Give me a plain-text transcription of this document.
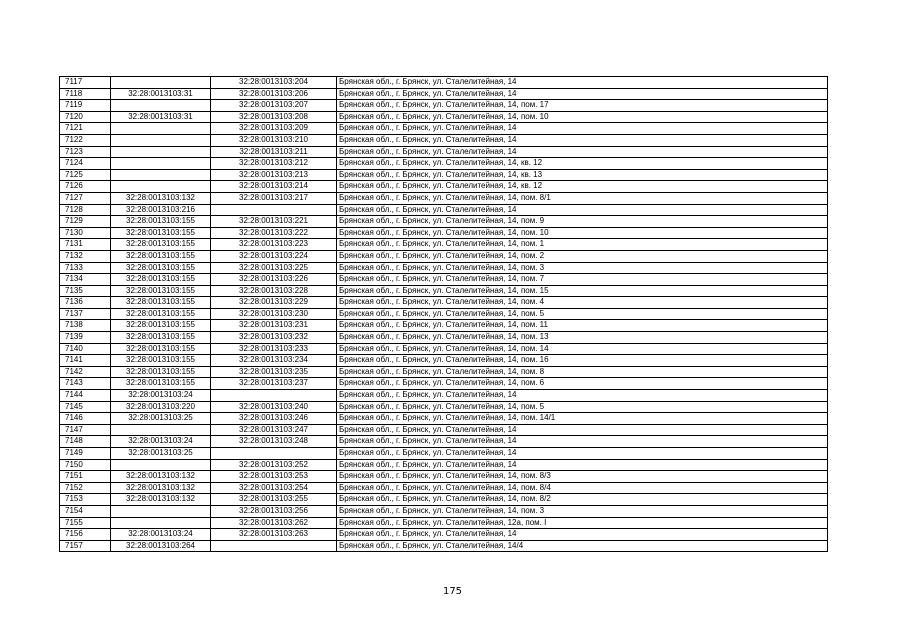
7117		32:28:0013103:204	Брянская обл., г. Брянск, ул. Сталелитейная, 14
7118	32:28:0013103:31	32:28:0013103:206	Брянская обл., г. Брянск, ул. Сталелитейная, 14
7119		32:28:0013103:207	Брянская обл., г. Брянск, ул. Сталелитейная, 14, пом. 17
7120	32:28:0013103:31	32:28:0013103:208	Брянская обл., г. Брянск, ул. Сталелитейная, 14, пом. 10
7121		32:28:0013103:209	Брянская обл., г. Брянск, ул. Сталелитейная, 14
7122		32:28:0013103:210	Брянская обл., г. Брянск, ул. Сталелитейная, 14
7123		32:28:0013103:211	Брянская обл., г. Брянск, ул. Сталелитейная, 14
7124		32:28:0013103:212	Брянская обл., г. Брянск, ул. Сталелитейная, 14, кв. 12
7125		32:28:0013103:213	Брянская обл., г. Брянск, ул. Сталелитейная, 14, кв. 13
7126		32:28:0013103:214	Брянская обл., г. Брянск, ул. Сталелитейная, 14, кв. 12
7127	32:28:0013103:132	32:28:0013103:217	Брянская обл., г. Брянск, ул. Сталелитейная, 14, пом. 8/1
7128	32:28:0013103:216		Брянская обл., г. Брянск, ул. Сталелитейная, 14
7129	32:28:0013103:155	32:28:0013103:221	Брянская обл., г. Брянск, ул. Сталелитейная, 14, пом. 9
7130	32:28:0013103:155	32:28:0013103:222	Брянская обл., г. Брянск, ул. Сталелитейная, 14, пом. 10
7131	32:28:0013103:155	32:28:0013103:223	Брянская обл., г. Брянск, ул. Сталелитейная, 14, пом. 1
7132	32:28:0013103:155	32:28:0013103:224	Брянская обл., г. Брянск, ул. Сталелитейная, 14, пом. 2
7133	32:28:0013103:155	32:28:0013103:225	Брянская обл., г. Брянск, ул. Сталелитейная, 14, пом. 3
7134	32:28:0013103:155	32:28:0013103:226	Брянская обл., г. Брянск, ул. Сталелитейная, 14, пом. 7
7135	32:28:0013103:155	32:28:0013103:228	Брянская обл., г. Брянск, ул. Сталелитейная, 14, пом. 15
7136	32:28:0013103:155	32:28:0013103:229	Брянская обл., г. Брянск, ул. Сталелитейная, 14, пом. 4
7137	32:28:0013103:155	32:28:0013103:230	Брянская обл., г. Брянск, ул. Сталелитейная, 14, пом. 5
7138	32:28:0013103:155	32:28:0013103:231	Брянская обл., г. Брянск, ул. Сталелитейная, 14, пом. 11
7139	32:28:0013103:155	32:28:0013103:232	Брянская обл., г. Брянск, ул. Сталелитейная, 14, пом. 13
7140	32:28:0013103:155	32:28:0013103:233	Брянская обл., г. Брянск, ул. Сталелитейная, 14, пом. 14
7141	32:28:0013103:155	32:28:0013103:234	Брянская обл., г. Брянск, ул. Сталелитейная, 14, пом. 16
7142	32:28:0013103:155	32:28:0013103:235	Брянская обл., г. Брянск, ул. Сталелитейная, 14, пом. 8
7143	32:28:0013103:155	32:28:0013103:237	Брянская обл., г. Брянск, ул. Сталелитейная, 14, пом. 6
7144	32:28:0013103:24		Брянская обл., г. Брянск, ул. Сталелитейная, 14
7145	32:28:0013103:220	32:28:0013103:240	Брянская обл., г. Брянск, ул. Сталелитейная, 14, пом. 5
7146	32:28:0013103:25	32:28:0013103:246	Брянская обл., г. Брянск, ул. Сталелитейная, 14, пом. 14/1
7147		32:28:0013103:247	Брянская обл., г. Брянск, ул. Сталелитейная, 14
7148	32:28:0013103:24	32:28:0013103:248	Брянская обл., г. Брянск, ул. Сталелитейная, 14
7149	32:28:0013103:25		Брянская обл., г. Брянск, ул. Сталелитейная, 14
7150		32:28:0013103:252	Брянская обл., г. Брянск, ул. Сталелитейная, 14
7151	32:28:0013103:132	32:28:0013103:253	Брянская обл., г. Брянск, ул. Сталелитейная, 14, пом. 8/3
7152	32:28:0013103:132	32:28:0013103:254	Брянская обл., г. Брянск, ул. Сталелитейная, 14, пом. 8/4
7153	32:28:0013103:132	32:28:0013103:255	Брянская обл., г. Брянск, ул. Сталелитейная, 14, пом. 8/2
7154		32:28:0013103:256	Брянская обл., г. Брянск, ул. Сталелитейная, 14, пом. 3
7155		32:28:0013103:262	Брянская обл., г. Брянск, ул. Сталелитейная, 12а, пом. I
7156	32:28:0013103:24	32:28:0013103:263	Брянская обл., г. Брянск, ул. Сталелитейная, 14
7157	32:28:0013103:264		Брянская обл., г. Брянск, ул. Сталелитейная, 14/4
175
